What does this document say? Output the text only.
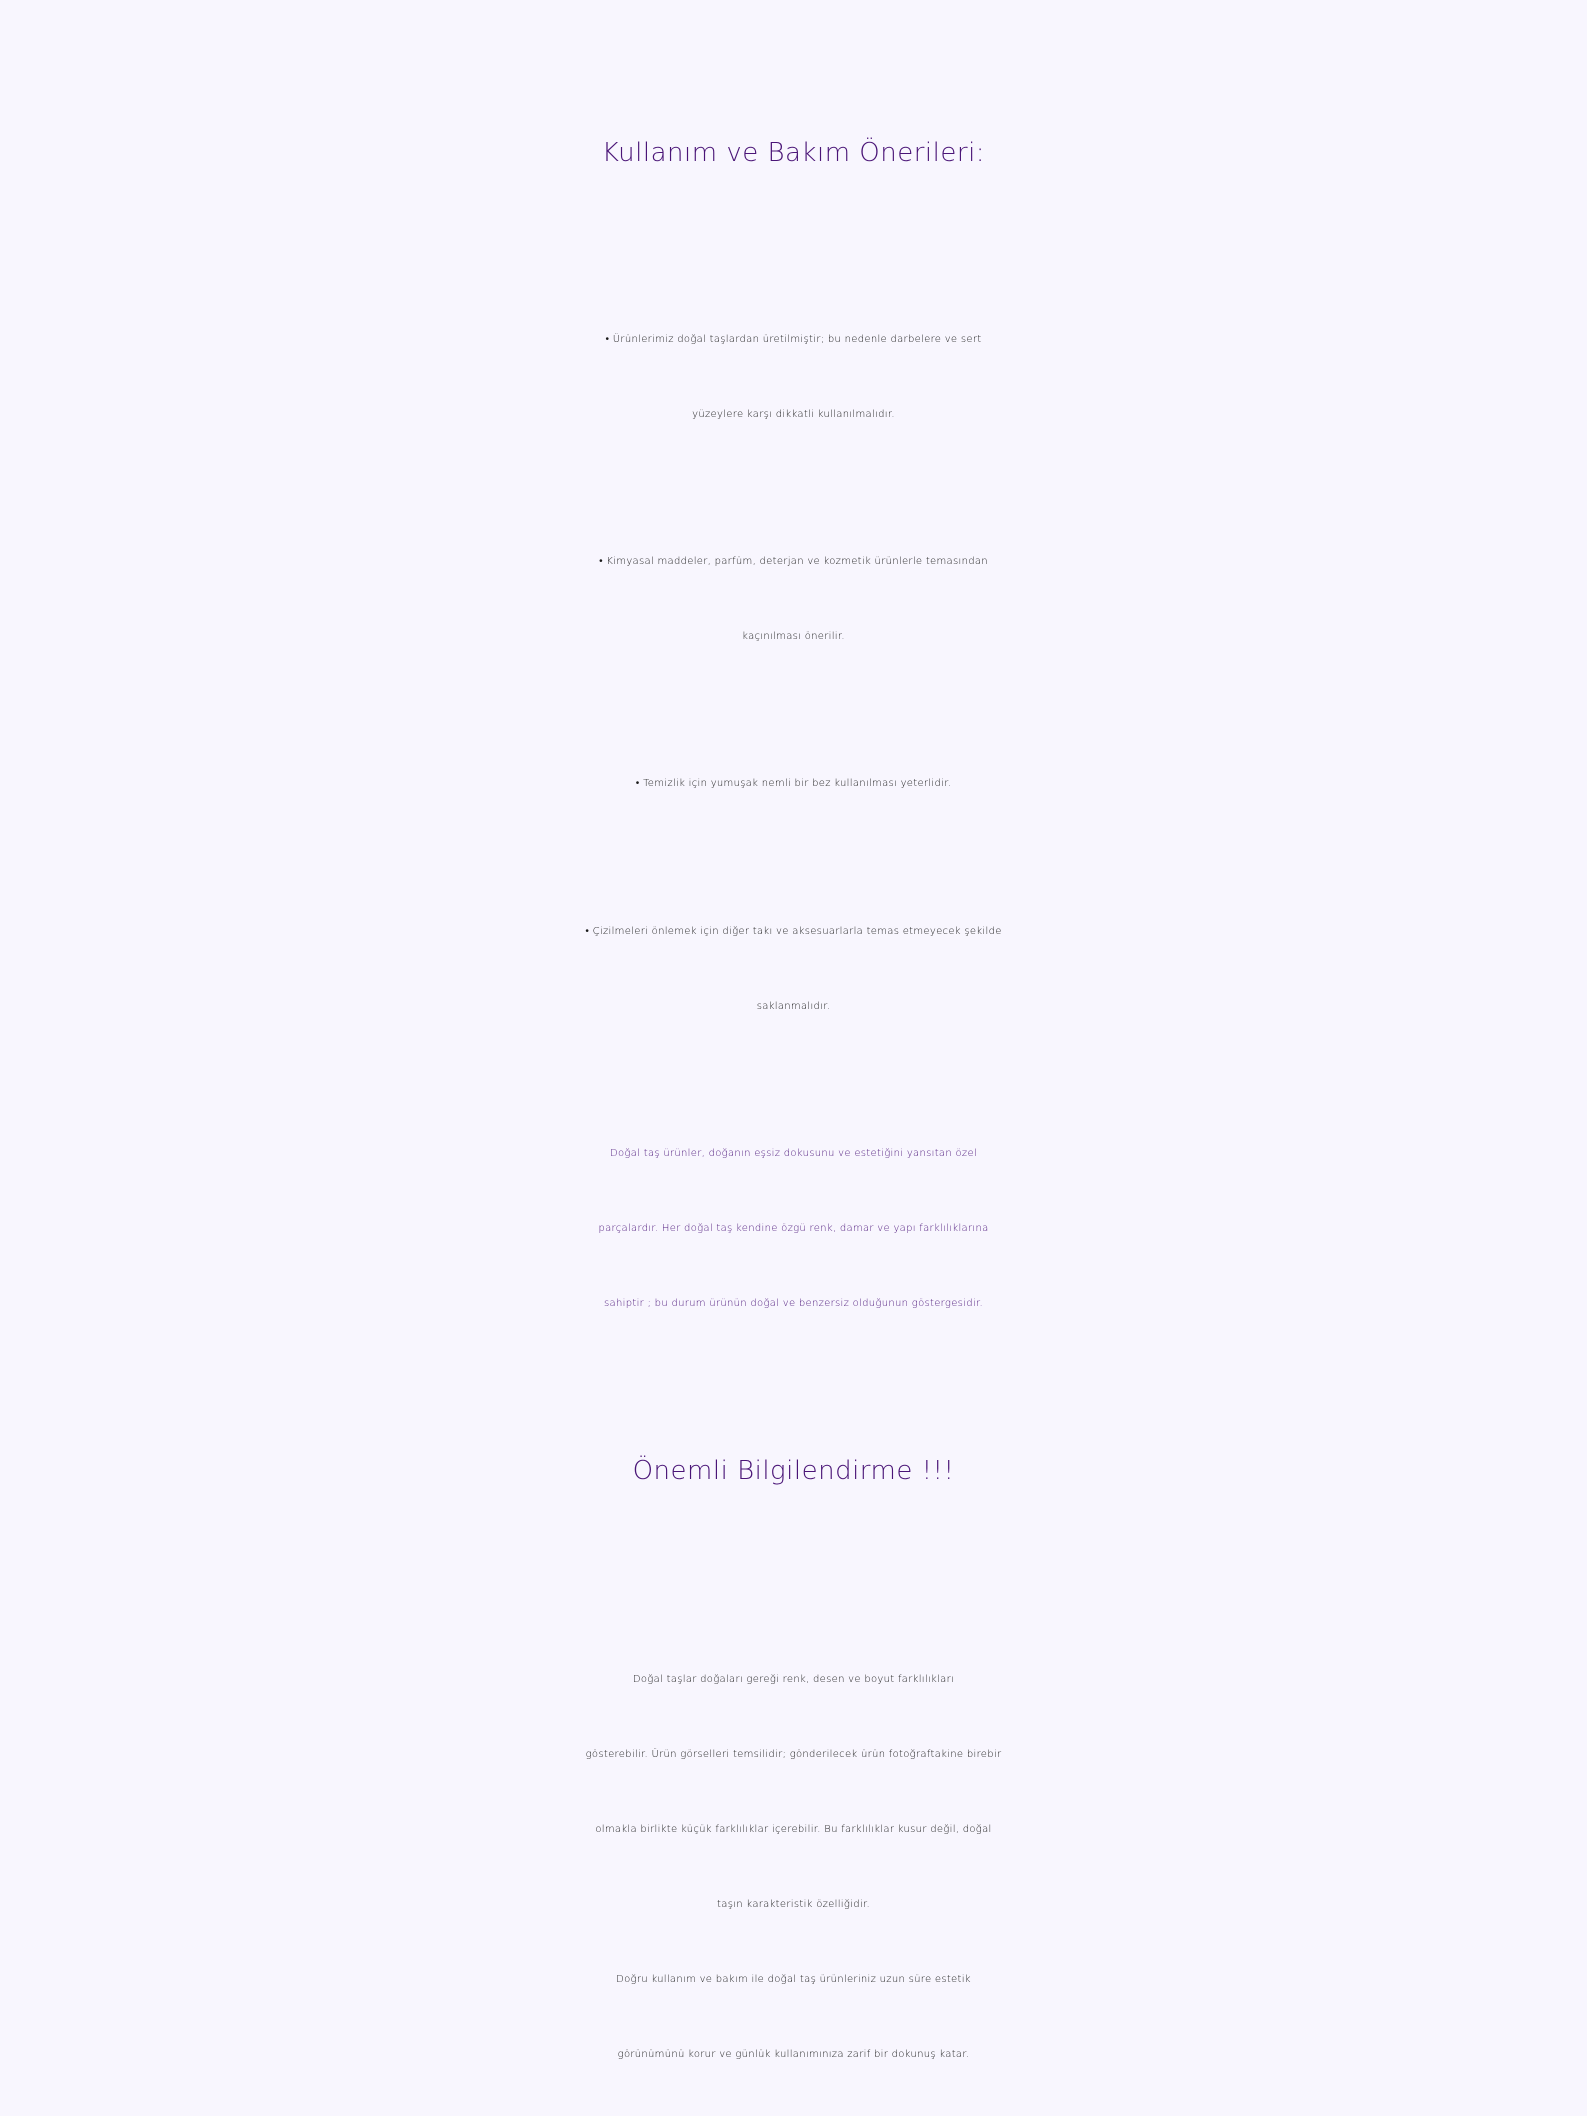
Kullanım ve Bakım Önerileri:
• Ürünlerimiz doğal taşlardan üretilmiştir; bu nedenle darbelere ve sert
yüzeylere karşı dikkatli kullanılmalıdır.
• Kimyasal maddeler, parfüm, deterjan ve kozmetik ürünlerle temasından
kaçınılması önerilir.
• Temizlik için yumuşak nemli bir bez kullanılması yeterlidir.
• Çizilmeleri önlemek için diğer takı ve aksesuarlarla temas etmeyecek şekilde
saklanmalıdır.
Doğal taş ürünler, doğanın eşsiz dokusunu ve estetiğini yansıtan özel
parçalardır. Her doğal taş kendine özgü renk, damar ve yapı farklılıklarına
sahiptir ; bu durum ürünün doğal ve benzersiz olduğunun göstergesidir.
Önemli Bilgilendirme !!!
Doğal taşlar doğaları gereği renk, desen ve boyut farklılıkları
gösterebilir. Ürün görselleri temsilidir; gönderilecek ürün fotoğraftakine birebir
olmakla birlikte küçük farklılıklar içerebilir. Bu farklılıklar kusur değil, doğal
taşın karakteristik özelliğidir.
Doğru kullanım ve bakım ile doğal taş ürünleriniz uzun süre estetik
görünümünü korur ve günlük kullanımınıza zarif bir dokunuş katar.
